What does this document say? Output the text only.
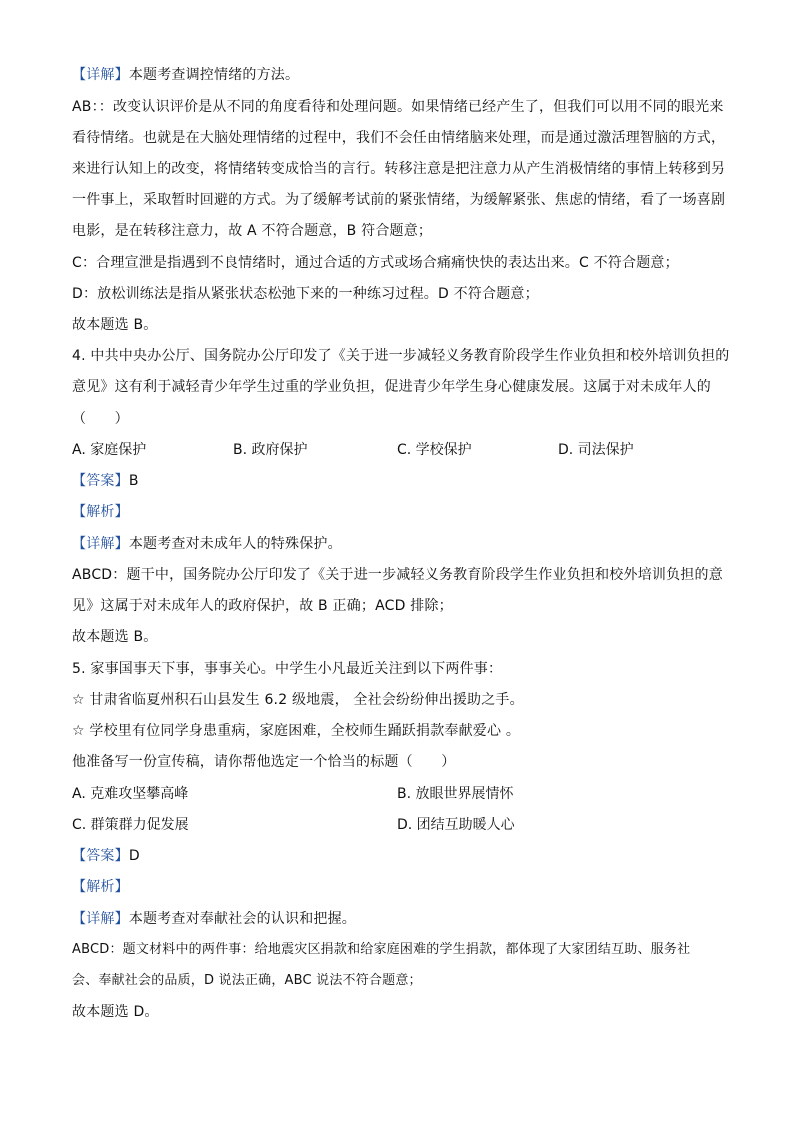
【详解】本题考查调控情绪的方法。
AB：：改变认识评价是从不同的角度看待和处理问题。如果情绪已经产生了，但我们可以用不同的眼光来
看待情绪。也就是在大脑处理情绪的过程中，我们不会任由情绪脑来处理，而是通过激活理智脑的方式，
来进行认知上的改变，将情绪转变成恰当的言行。转移注意是把注意力从产生消极情绪的事情上转移到另
一件事上，采取暂时回避的方式。为了缓解考试前的紧张情绪，为缓解紧张、焦虑的情绪，看了一场喜剧
电影，是在转移注意力，故 A 不符合题意，B 符合题意；
C：合理宣泄是指遇到不良情绪时，通过合适的方式或场合痛痛快快的表达出来。C 不符合题意；
D：放松训练法是指从紧张状态松弛下来的一种练习过程。D 不符合题意；
故本题选 B。
4. 中共中央办公厅、国务院办公厅印发了《关于进一步减轻义务教育阶段学生作业负担和校外培训负担的
意见》这有利于减轻青少年学生过重的学业负担，促进青少年学生身心健康发展。这属于对未成年人的
（　　）
A. 家庭保护	B. 政府保护	C. 学校保护	D. 司法保护
【答案】B
【解析】
【详解】本题考查对未成年人的特殊保护。
ABCD：题干中，国务院办公厅印发了《关于进一步减轻义务教育阶段学生作业负担和校外培训负担的意
见》这属于对未成年人的政府保护，故 B 正确；ACD 排除；
故本题选 B。
5. 家事国事天下事，事事关心。中学生小凡最近关注到以下两件事：
☆ 甘肃省临夏州积石山县发生 6.2 级地震， 全社会纷纷伸出援助之手。
☆ 学校里有位同学身患重病，家庭困难，全校师生踊跃捐款奉献爱心 。
他准备写一份宣传稿，请你帮他选定一个恰当的标题（　　）
A. 克难攻坚攀高峰	B. 放眼世界展情怀
C. 群策群力促发展	D. 团结互助暖人心
【答案】D
【解析】
【详解】本题考查对奉献社会的认识和把握。
ABCD：题文材料中的两件事：给地震灾区捐款和给家庭困难的学生捐款，都体现了大家团结互助、服务社
会、奉献社会的品质，D 说法正确，ABC 说法不符合题意；
故本题选 D。
